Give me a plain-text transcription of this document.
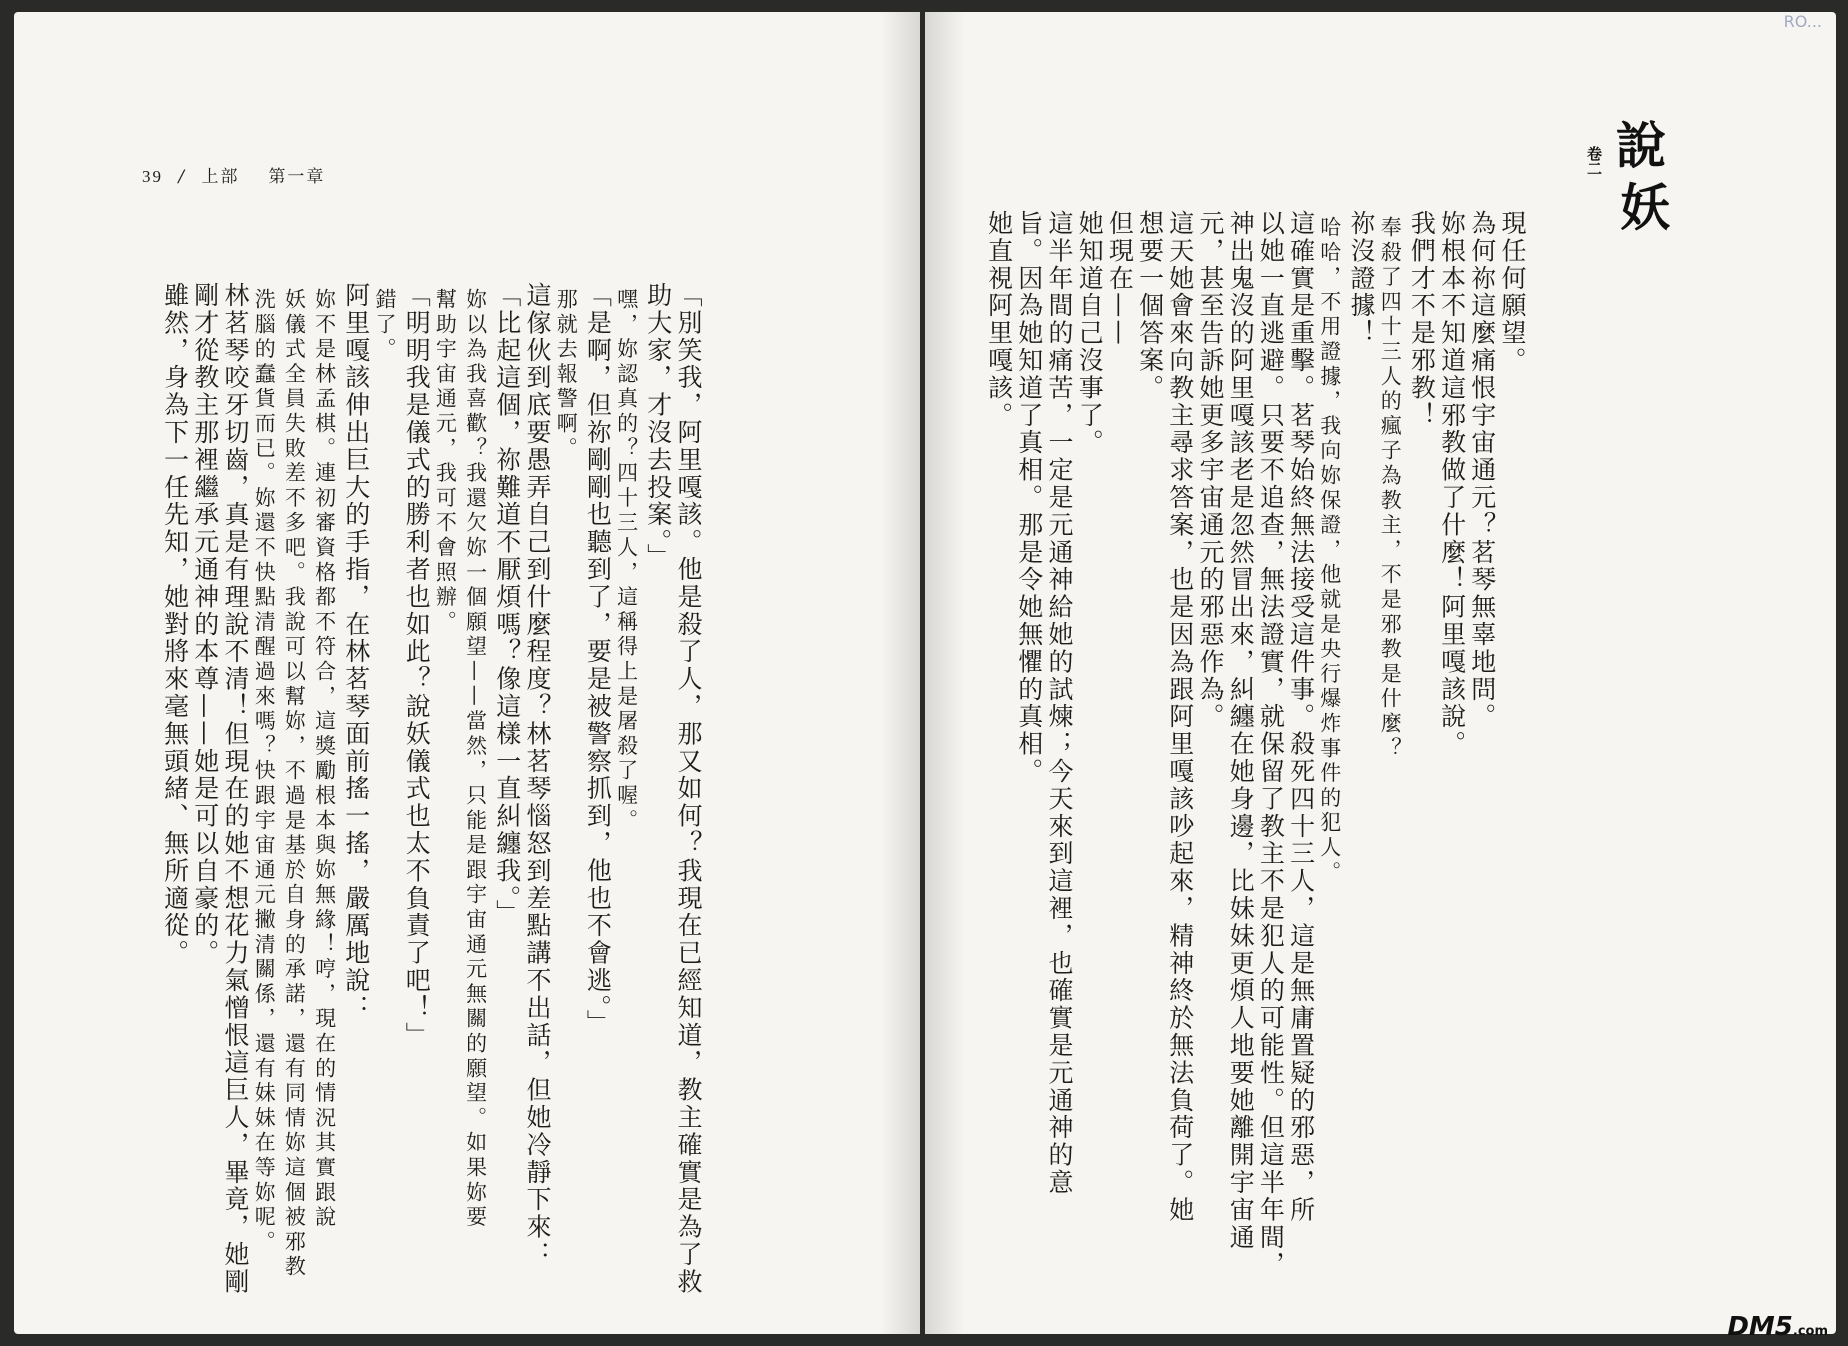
39 / 上部 第一章
「別笑我，阿里嘎該。他是殺了人，那又如何？我現在已經知道，教主確實是為了救
助大家，才沒去投案。」
嘿，妳認真的？四十三人，這稱得上是屠殺了喔。
「是啊，但祢剛剛也聽到了，要是被警察抓到，他也不會逃。」
那就去報警啊。
這傢伙到底要愚弄自己到什麼程度？林茗琴惱怒到差點講不出話，但她冷靜下來：
「比起這個，祢難道不厭煩嗎？像這樣一直糾纏我。」
妳以為我喜歡？我還欠妳一個願望——當然，只能是跟宇宙通元無關的願望。如果妳要
幫助宇宙通元，我可不會照辦。
「明明我是儀式的勝利者也如此？說妖儀式也太不負責了吧！」
錯了。
阿里嘎該伸出巨大的手指，在林茗琴面前搖一搖，嚴厲地說：
妳不是林孟棋。連初審資格都不符合，這獎勵根本與妳無緣！哼，現在的情況其實跟說
妖儀式全員失敗差不多吧。我說可以幫妳，不過是基於自身的承諾，還有同情妳這個被邪教
洗腦的蠢貨而已。妳還不快點清醒過來嗎？快跟宇宙通元撇清關係，還有妹妹在等妳呢。
林茗琴咬牙切齒，真是有理說不清！但現在的她不想花力氣憎恨這巨人，畢竟，她剛
剛才從教主那裡繼承元通神的本尊——她是可以自豪的。
雖然，身為下一任先知，她對將來毫無頭緒、無所適從。
RO...
說
卷二
妖
現任何願望。
為何祢這麼痛恨宇宙通元？茗琴無辜地問。
妳根本不知道這邪教做了什麼！阿里嘎該說。
我們才不是邪教！
奉殺了四十三人的瘋子為教主，不是邪教是什麼？
祢沒證據！
哈哈，不用證據，我向妳保證，他就是央行爆炸事件的犯人。
這確實是重擊。茗琴始終無法接受這件事。殺死四十三人，這是無庸置疑的邪惡，所
以她一直逃避。只要不追查，無法證實，就保留了教主不是犯人的可能性。但這半年間，
神出鬼沒的阿里嘎該老是忽然冒出來，糾纏在她身邊，比妹妹更煩人地要她離開宇宙通
元，甚至告訴她更多宇宙通元的邪惡作為。
這天她會來向教主尋求答案，也是因為跟阿里嘎該吵起來，精神終於無法負荷了。她
想要一個答案。
但現在——
她知道自己沒事了。
這半年間的痛苦，一定是元通神給她的試煉；今天來到這裡，也確實是元通神的意
旨。因為她知道了真相。那是令她無懼的真相。
她直視阿里嘎該。
DM5.com
